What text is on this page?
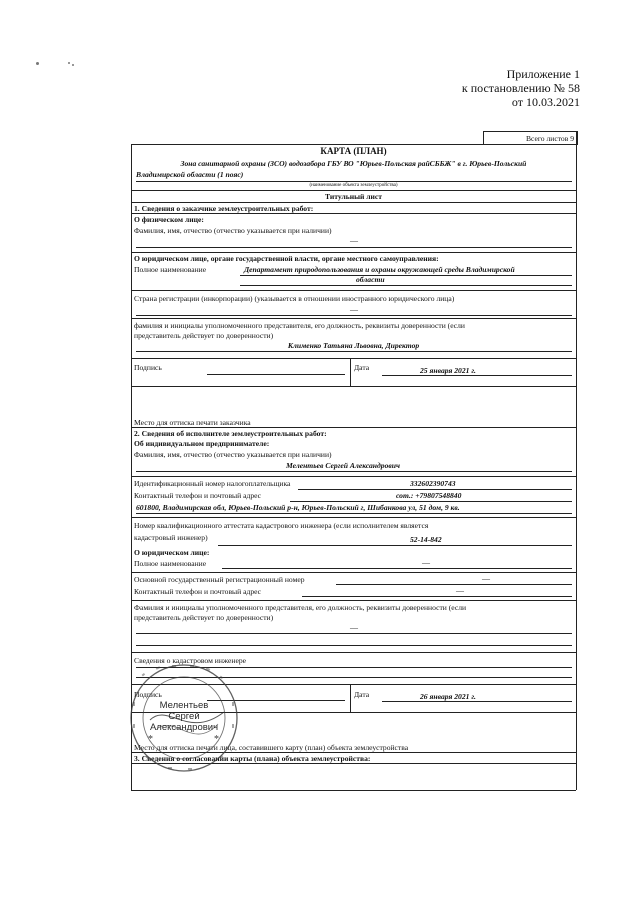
Приложение 1
к постановлению № 58
от 10.03.2021
Всего листов 9
КАРТА (ПЛАН)
Зона санитарной охраны (ЗСО) водозабора ГБУ ВО "Юрьев-Польская райСББЖ" в г. Юрьев-Польский
Владимирской области (1 пояс)
(наименование объекта землеустройства)
Титульный лист
1. Сведения о заказчике землеустроительных работ:
О физическом лице:
Фамилия, имя, отчество (отчество указывается при наличии)
—
О юридическом лице, органе государственной власти, органе местного самоуправления:
Полное наименование	Департамент природопользования и охраны окружающей среды Владимирской
области
Страна регистрации (инкорпорации) (указывается в отношении иностранного юридического лица)
—
фамилия и инициалы уполномоченного представителя, его должность, реквизиты доверенности (если
представитель действует по доверенности)
Клименко Татьяна Львовна, Директор
Подпись	Дата	25 января 2021 г.
Место для оттиска печати заказчика
2. Сведения об исполнителе землеустроительных работ:
Об индивидуальном предпринимателе:
Фамилия, имя, отчество (отчество указывается при наличии)
Мелентьев Сергей Александрович
Идентификационный номер налогоплательщика	332602390743
Контактный телефон и почтовый адрес	сот.: +79807548840
601800, Владимирская обл, Юрьев-Польский р-н, Юрьев-Польский г, Шибанкова ул, 51 дом, 9 кв.
Номер квалификационного аттестата кадастрового инженера (если исполнителем является
кадастровый инженер)	52-14-842
О юридическом лице:
Полное наименование	—
Основной государственный регистрационный номер	—
Контактный телефон и почтовый адрес	—
Фамилия и инициалы уполномоченного представителя, его должность, реквизиты доверенности (если
представитель действует по доверенности)
—
Сведения о кадастровом инженере
Подпись	Дата	26 января 2021 г.
Место для оттиска печати лица, составившего карту (план) объекта землеустройства
3. Сведения о согласовании карты (плана) объекта землеустройства:
*	*
Мелентьев
Сергей
Александрович
